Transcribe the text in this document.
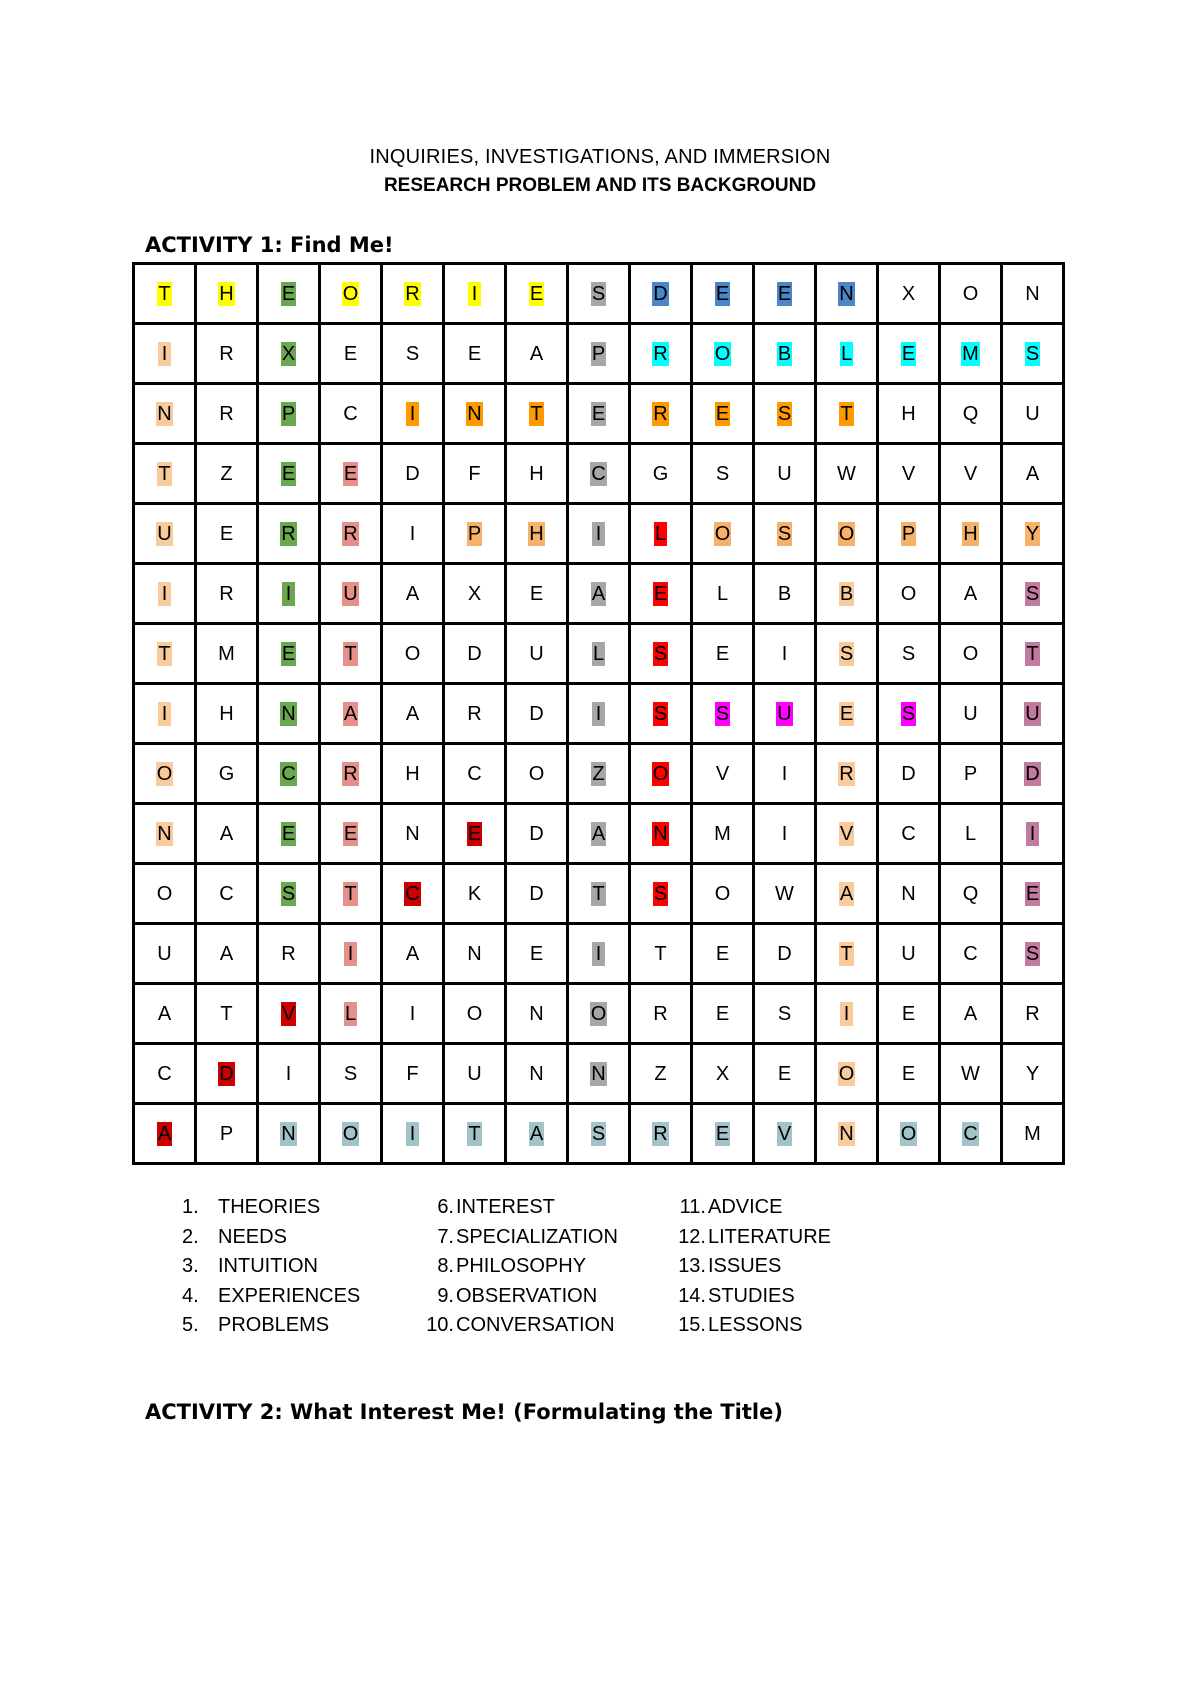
INQUIRIES, INVESTIGATIONS, AND IMMERSION
RESEARCH PROBLEM AND ITS BACKGROUND
ACTIVITY 1: Find Me!
T	H	E	O	R	I	E	S	D	E	E	N	X	O	N
I	R	X	E	S	E	A	P	R	O	B	L	E	M	S
N	R	P	C	I	N	T	E	R	E	S	T	H	Q	U
T	Z	E	E	D	F	H	C	G	S	U	W	V	V	A
U	E	R	R	I	P	H	I	L	O	S	O	P	H	Y
I	R	I	U	A	X	E	A	E	L	B	B	O	A	S
T	M	E	T	O	D	U	L	S	E	I	S	S	O	T
I	H	N	A	A	R	D	I	S	S	U	E	S	U	U
O	G	C	R	H	C	O	Z	O	V	I	R	D	P	D
N	A	E	E	N	E	D	A	N	M	I	V	C	L	I
O	C	S	T	C	K	D	T	S	O	W	A	N	Q	E
U	A	R	I	A	N	E	I	T	E	D	T	U	C	S
A	T	V	L	I	O	N	O	R	E	S	I	E	A	R
C	D	I	S	F	U	N	N	Z	X	E	O	E	W	Y
A	P	N	O	I	T	A	S	R	E	V	N	O	C	M
1. THEORIES
2. NEEDS
3. INTUITION
4. EXPERIENCES
5. PROBLEMS
6. INTEREST
7. SPECIALIZATION
8. PHILOSOPHY
9. OBSERVATION
10. CONVERSATION
11. ADVICE
12. LITERATURE
13. ISSUES
14. STUDIES
15. LESSONS
ACTIVITY 2: What Interest Me! (Formulating the Title)
